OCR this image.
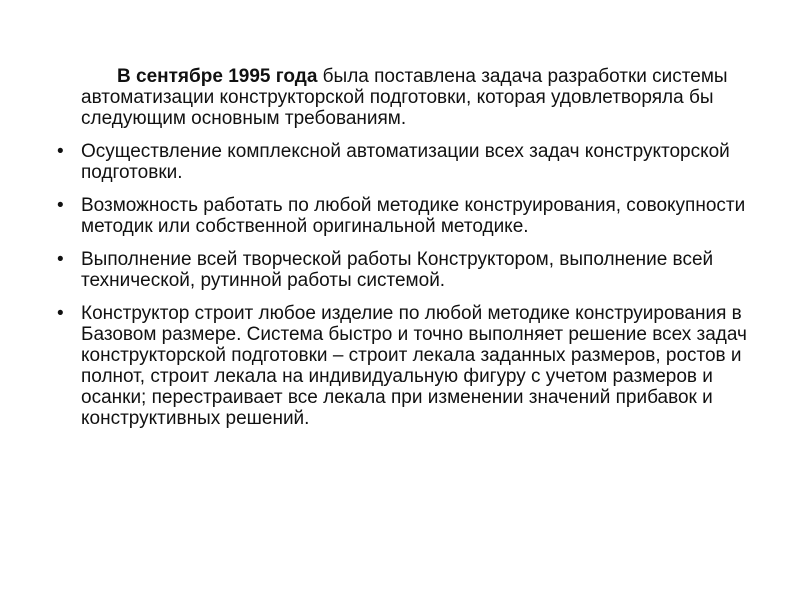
В сентябре 1995 года была поставлена задача разработки системы автоматизации конструкторской подготовки, которая удовлетворяла бы следующим основным требованиям.

• Осуществление комплексной автоматизации всех задач конструкторской подготовки.
• Возможность работать по любой методике конструирования, совокупности методик или собственной оригинальной методике.
• Выполнение всей творческой работы Конструктором, выполнение всей технической, рутинной работы системой.
• Конструктор строит любое изделие по любой методике конструирования в Базовом размере. Система быстро и точно выполняет решение всех задач конструкторской подготовки – строит лекала заданных размеров, ростов и полнот, строит лекала на индивидуальную фигуру с учетом размеров и осанки; перестраивает все лекала при изменении значений прибавок и конструктивных решений.
